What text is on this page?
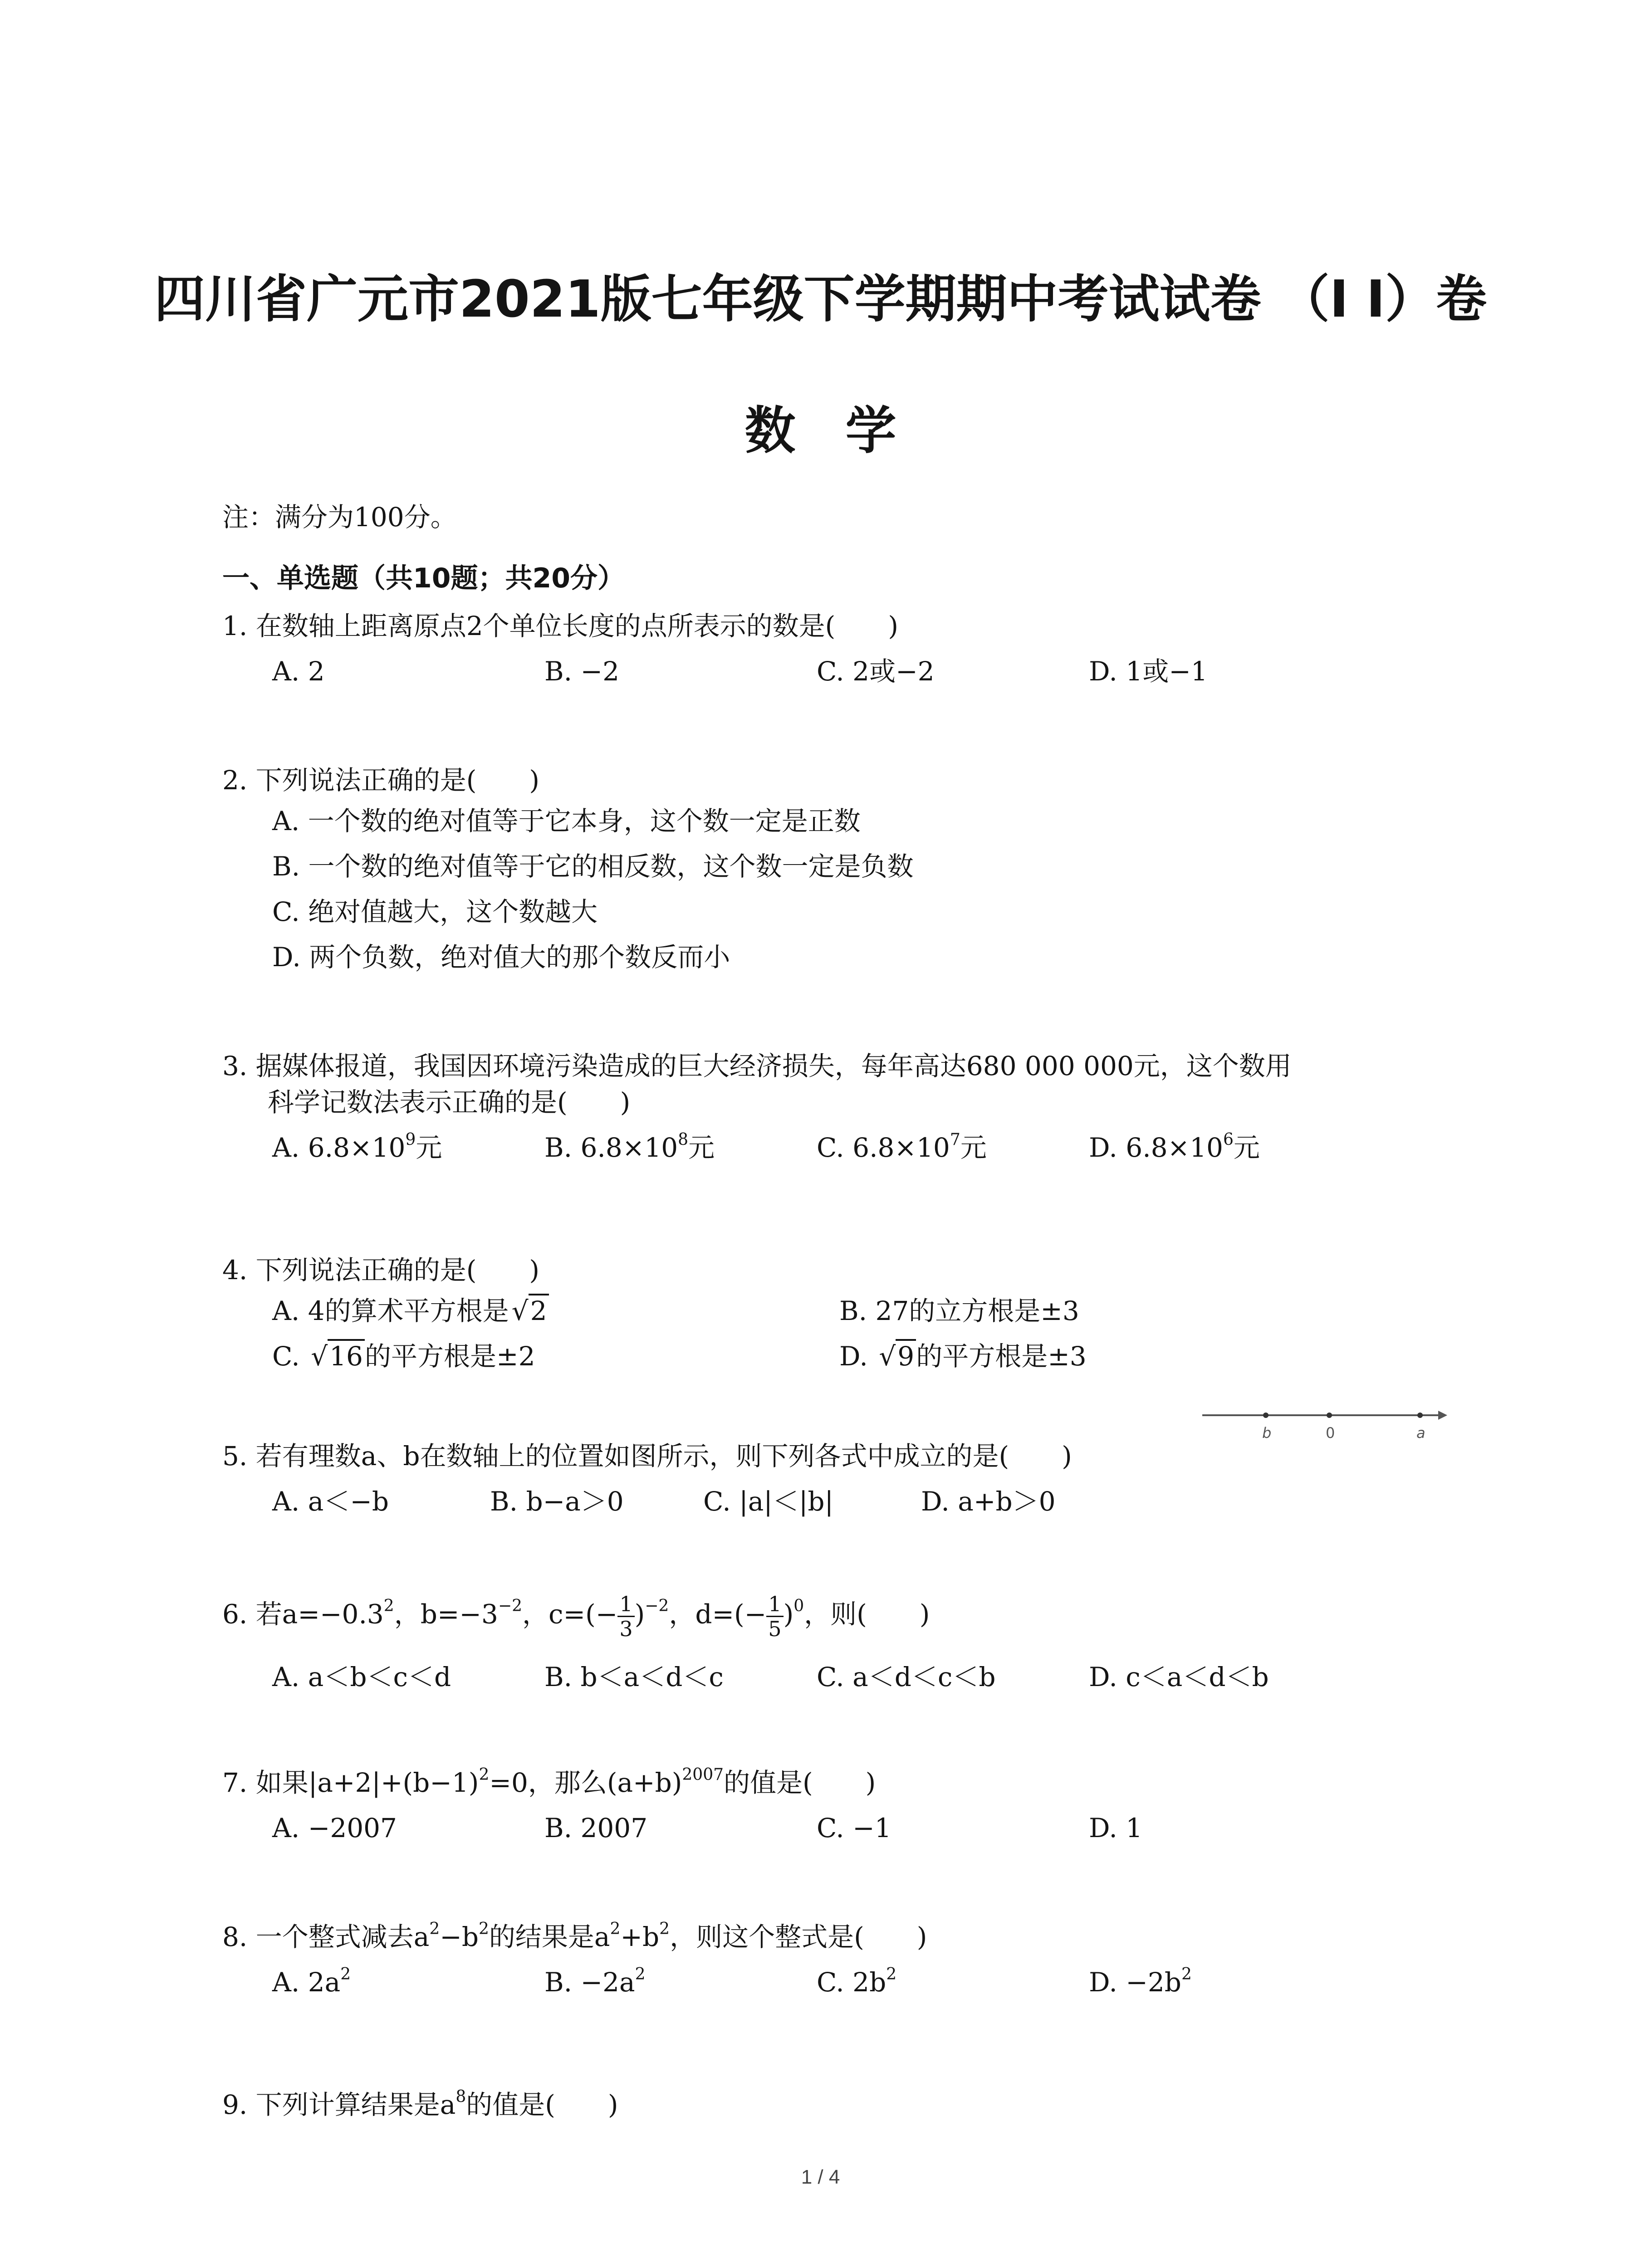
四川省广元市2021版七年级下学期期中考试试卷 （I I）卷
数学
注：满分为100分。
一、单选题（共10题；共20分）
1. 在数轴上距离原点2个单位长度的点所表示的数是(　　)
A. 2	B. −2	C. 2或−2	D. 1或−1
2. 下列说法正确的是(　　)
A. 一个数的绝对值等于它本身，这个数一定是正数
B. 一个数的绝对值等于它的相反数，这个数一定是负数
C. 绝对值越大，这个数越大
D. 两个负数，绝对值大的那个数反而小
3. 据媒体报道，我国因环境污染造成的巨大经济损失，每年高达680 000 000元，这个数用
科学记数法表示正确的是(　　)
A. $6.8\times 10^9$元	B. $6.8\times 10^8$元	C. $6.8\times 10^7$元	D. $6.8\times 10^6$元
4. 下列说法正确的是(　　)
A. 4的算术平方根是 √2	B. 27的立方根是±3
C. √16的平方根是±2	D. √9的平方根是±3
5. 若有理数a、b在数轴上的位置如图所示，则下列各式中成立的是(　　)
A. a＜−b	B. b−a＞0	C. |a|＜|b|	D. a+b＞0
b	0	a
6. 若$a=-0.3^2$，$b=-3^{-2}$，$c=(- \frac{1}{3} )^{-2}$，$d=(- \frac{1}{5} )^0$，则(　　)
A. a＜b＜c＜d	B. b＜a＜d＜c	C. a＜d＜c＜b	D. c＜a＜d＜b
7. 如果$|a+2|+(b-1)^2=0$，那么$(a+b)^{2007}$的值是(　　)
A. −2007	B. 2007	C. −1	D. 1
8. 一个整式减去$a^2-b^2$的结果是$a^2+b^2$，则这个整式是(　　)
A. $2a^2$	B. $-2a^2$	C. $2b^2$	D. $-2b^2$
9. 下列计算结果是$a^8$的值是(　　)
1 / 4
